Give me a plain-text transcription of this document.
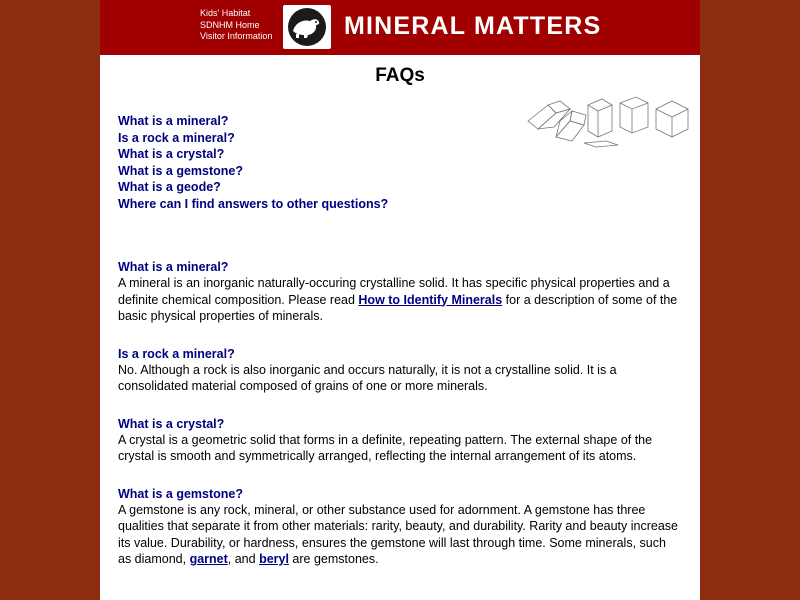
Kids' Habitat
SDNHM Home
Visitor Information	MINERAL MATTERS
FAQs
What is a mineral?
Is a rock a mineral?
What is a crystal?
What is a gemstone?
What is a geode?
Where can I find answers to other questions?
What is a mineral?
A mineral is an inorganic naturally-occuring crystalline solid. It has specific physical properties and a definite chemical composition. Please read How to Identify Minerals for a description of some of the basic physical properties of minerals.
Is a rock a mineral?
No. Although a rock is also inorganic and occurs naturally, it is not a crystalline solid. It is a consolidated material composed of grains of one or more minerals.
What is a crystal?
A crystal is a geometric solid that forms in a definite, repeating pattern. The external shape of the crystal is smooth and symmetrically arranged, reflecting the internal arrangement of its atoms.
What is a gemstone?
A gemstone is any rock, mineral, or other substance used for adornment. A gemstone has three qualities that separate it from other materials: rarity, beauty, and durability. Rarity and beauty increase its value. Durability, or hardness, ensures the gemstone will last through time. Some minerals, such as diamond, garnet, and beryl are gemstones.
